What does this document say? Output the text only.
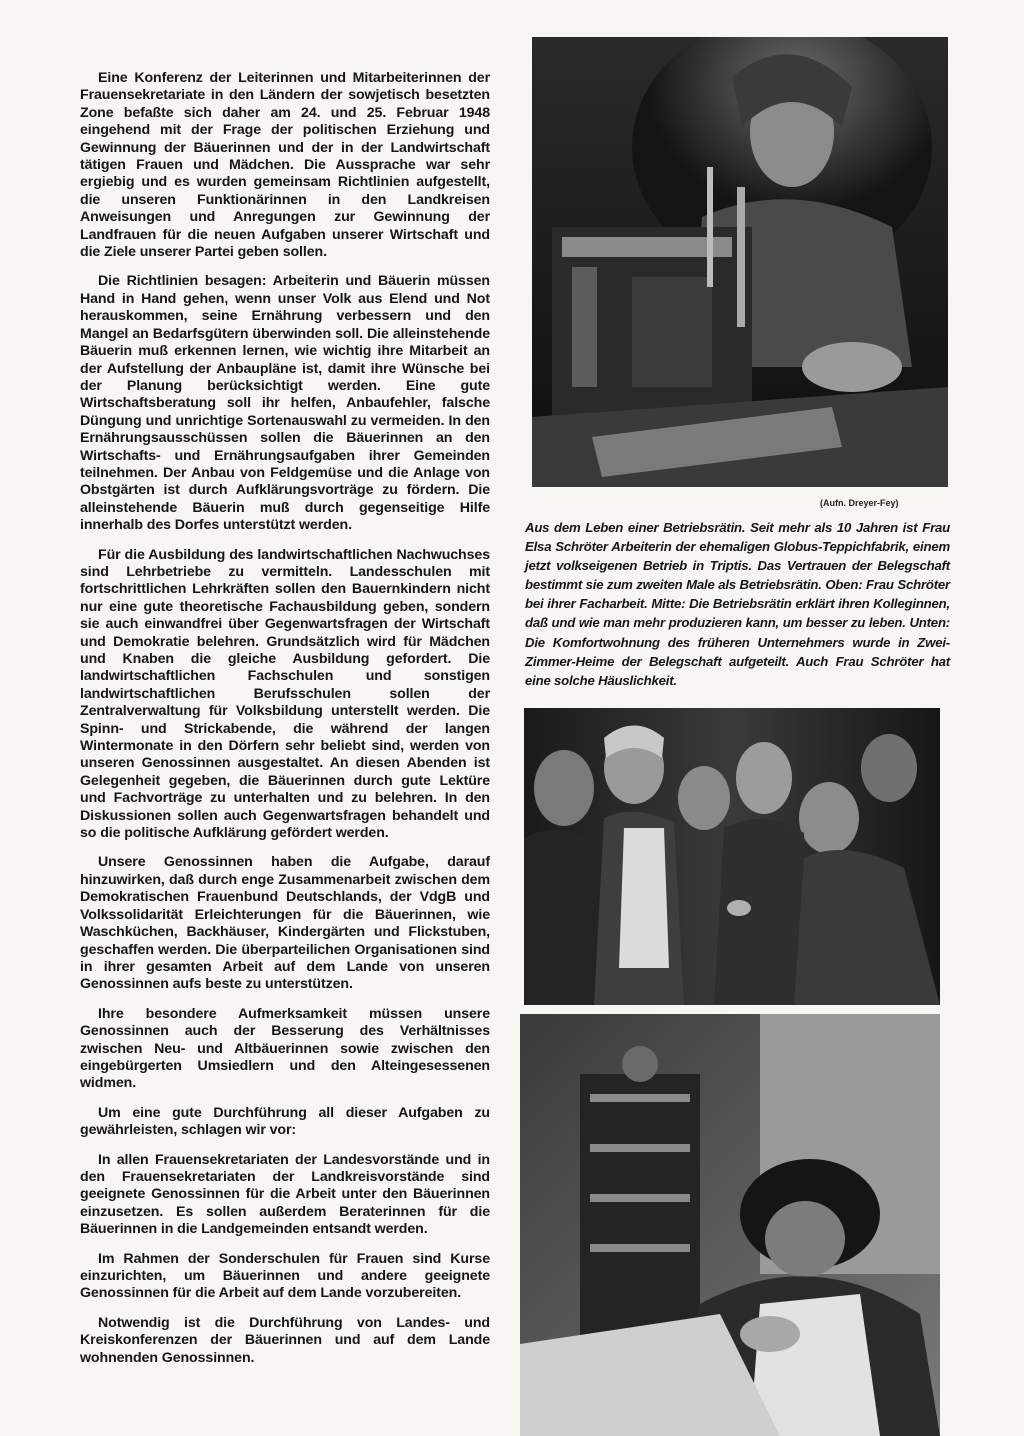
Eine Konferenz der Leiterinnen und Mitarbeiterinnen der Frauensekretariate in den Ländern der sowjetisch besetzten Zone befaßte sich daher am 24. und 25. Februar 1948 eingehend mit der Frage der politischen Erziehung und Gewinnung der Bäuerinnen und der in der Landwirtschaft tätigen Frauen und Mädchen. Die Aussprache war sehr ergiebig und es wurden gemeinsam Richtlinien aufgestellt, die unseren Funktionärinnen in den Landkreisen Anweisungen und Anregungen zur Gewinnung der Landfrauen für die neuen Aufgaben unserer Wirtschaft und die Ziele unserer Partei geben sollen.

Die Richtlinien besagen: Arbeiterin und Bäuerin müssen Hand in Hand gehen, wenn unser Volk aus Elend und Not herauskommen, seine Ernährung verbessern und den Mangel an Bedarfsgütern überwinden soll. Die alleinstehende Bäuerin muß erkennen lernen, wie wichtig ihre Mitarbeit an der Aufstellung der Anbaupläne ist, damit ihre Wünsche bei der Planung berücksichtigt werden. Eine gute Wirtschaftsberatung soll ihr helfen, Anbaufehler, falsche Düngung und unrichtige Sortenauswahl zu vermeiden. In den Ernährungsausschüssen sollen die Bäuerinnen an den Wirtschafts- und Ernährungsaufgaben ihrer Gemeinden teilnehmen. Der Anbau von Feldgemüse und die Anlage von Obstgärten ist durch Aufklärungsvorträge zu fördern. Die alleinstehende Bäuerin muß durch gegenseitige Hilfe innerhalb des Dorfes unterstützt werden.

Für die Ausbildung des landwirtschaftlichen Nachwuchses sind Lehrbetriebe zu vermitteln. Landesschulen mit fortschrittlichen Lehrkräften sollen den Bauernkindern nicht nur eine gute theoretische Fachausbildung geben, sondern sie auch einwandfrei über Gegenwartsfragen der Wirtschaft und Demokratie belehren. Grundsätzlich wird für Mädchen und Knaben die gleiche Ausbildung gefordert. Die landwirtschaftlichen Fachschulen und sonstigen landwirtschaftlichen Berufsschulen sollen der Zentralverwaltung für Volksbildung unterstellt werden. Die Spinn- und Strickabende, die während der langen Wintermonate in den Dörfern sehr beliebt sind, werden von unseren Genossinnen ausgestaltet. An diesen Abenden ist Gelegenheit gegeben, die Bäuerinnen durch gute Lektüre und Fachvorträge zu unterhalten und zu belehren. In den Diskussionen sollen auch Gegenwartsfragen behandelt und so die politische Aufklärung gefördert werden.

Unsere Genossinnen haben die Aufgabe, darauf hinzuwirken, daß durch enge Zusammenarbeit zwischen dem Demokratischen Frauenbund Deutschlands, der VdgB und Volkssolidarität Erleichterungen für die Bäuerinnen, wie Waschküchen, Backhäuser, Kindergärten und Flickstuben, geschaffen werden. Die überparteilichen Organisationen sind in ihrer gesamten Arbeit auf dem Lande von unseren Genossinnen aufs beste zu unterstützen.

Ihre besondere Aufmerksamkeit müssen unsere Genossinnen auch der Besserung des Verhältnisses zwischen Neu- und Altbäuerinnen sowie zwischen den eingebürgerten Umsiedlern und den Alteingesessenen widmen.

Um eine gute Durchführung all dieser Aufgaben zu gewährleisten, schlagen wir vor:

In allen Frauensekretariaten der Landesvorstände und in den Frauensekretariaten der Landkreisvorstände sind geeignete Genossinnen für die Arbeit unter den Bäuerinnen einzusetzen. Es sollen außerdem Beraterinnen für die Bäuerinnen in die Landgemeinden entsandt werden.

Im Rahmen der Sonderschulen für Frauen sind Kurse einzurichten, um Bäuerinnen und andere geeignete Genossinnen für die Arbeit auf dem Lande vorzubereiten.

Notwendig ist die Durchführung von Landes- und Kreiskonferenzen der Bäuerinnen und auf dem Lande wohnenden Genossinnen.

(Aufn. Dreyer-Fey)

Aus dem Leben einer Betriebsrätin. Seit mehr als 10 Jahren ist Frau Elsa Schröter Arbeiterin der ehemaligen Globus-Teppichfabrik, einem jetzt volkseigenen Betrieb in Triptis. Das Vertrauen der Belegschaft bestimmt sie zum zweiten Male als Betriebsrätin. Oben: Frau Schröter bei ihrer Facharbeit. Mitte: Die Betriebsrätin erklärt ihren Kolleginnen, daß und wie man mehr produzieren kann, um besser zu leben. Unten: Die Komfortwohnung des früheren Unternehmers wurde in Zwei-Zimmer-Heime der Belegschaft aufgeteilt. Auch Frau Schröter hat eine solche Häuslichkeit.
